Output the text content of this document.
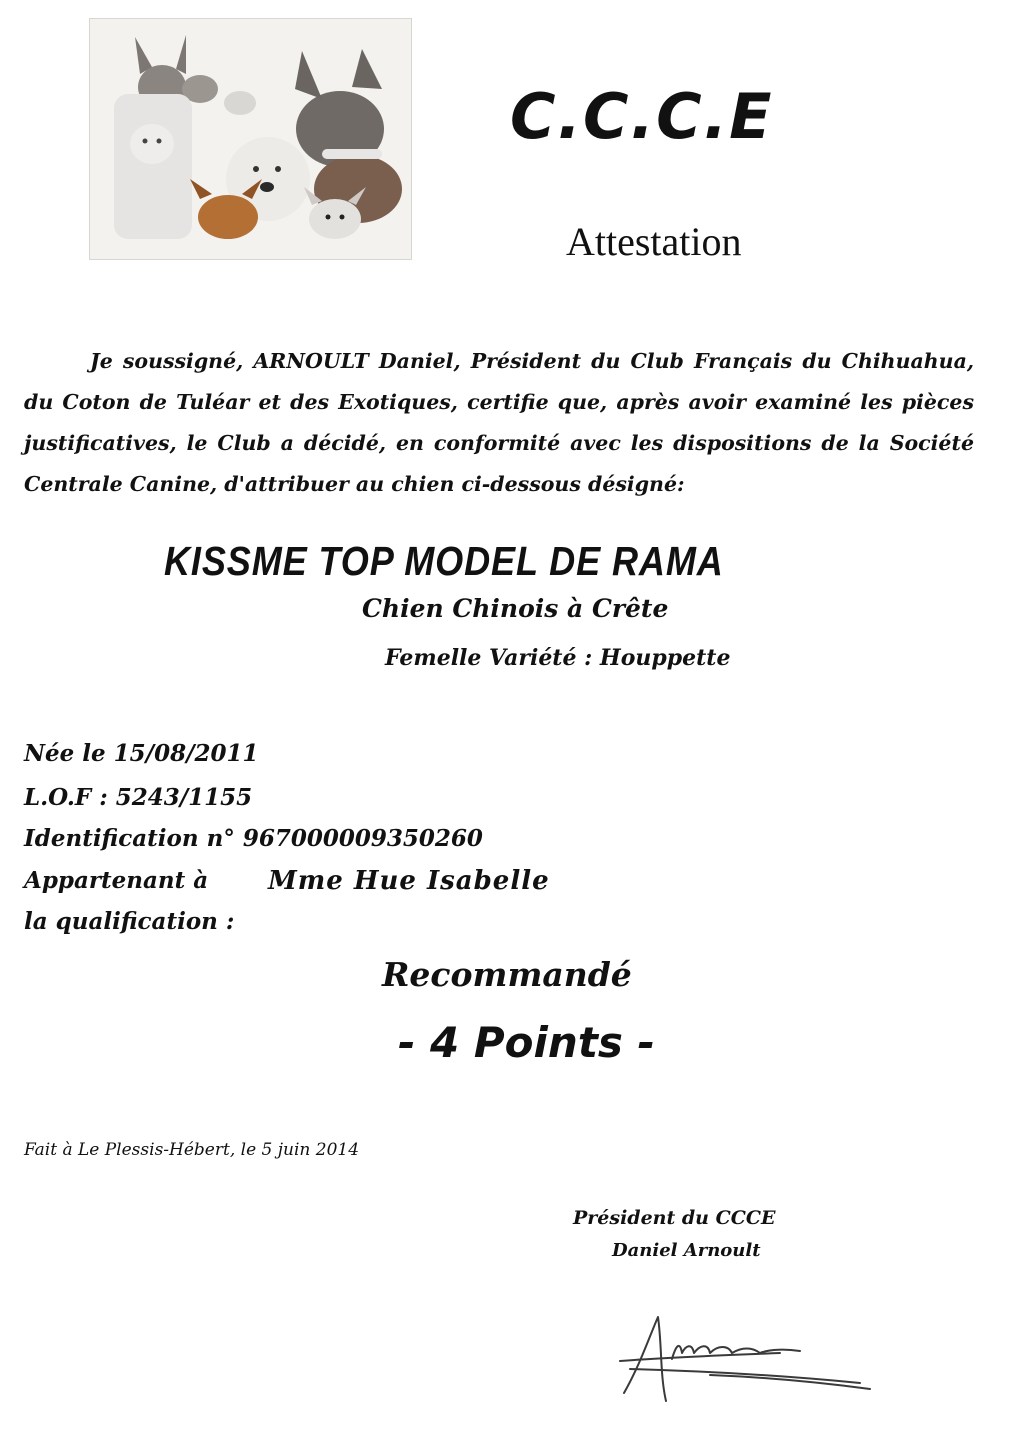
C.C.C.E
Attestation
Je soussigné, ARNOULT Daniel, Président du Club Français du Chihuahua, du Coton de Tuléar et des Exotiques, certifie que, après avoir examiné les pièces justificatives, le Club a décidé, en conformité avec les dispositions de la Société Centrale Canine, d'attribuer au chien ci-dessous désigné:
KISSME TOP MODEL DE RAMA
Chien Chinois à Crête
Femelle Variété : Houppette
Née le 15/08/2011
L.O.F : 5243/1155
Identification n° 967000009350260
Appartenant à Mme Hue Isabelle
la qualification :
Recommandé
- 4 Points -
Fait à Le Plessis-Hébert, le 5 juin 2014
Président du CCCE
Daniel Arnoult
